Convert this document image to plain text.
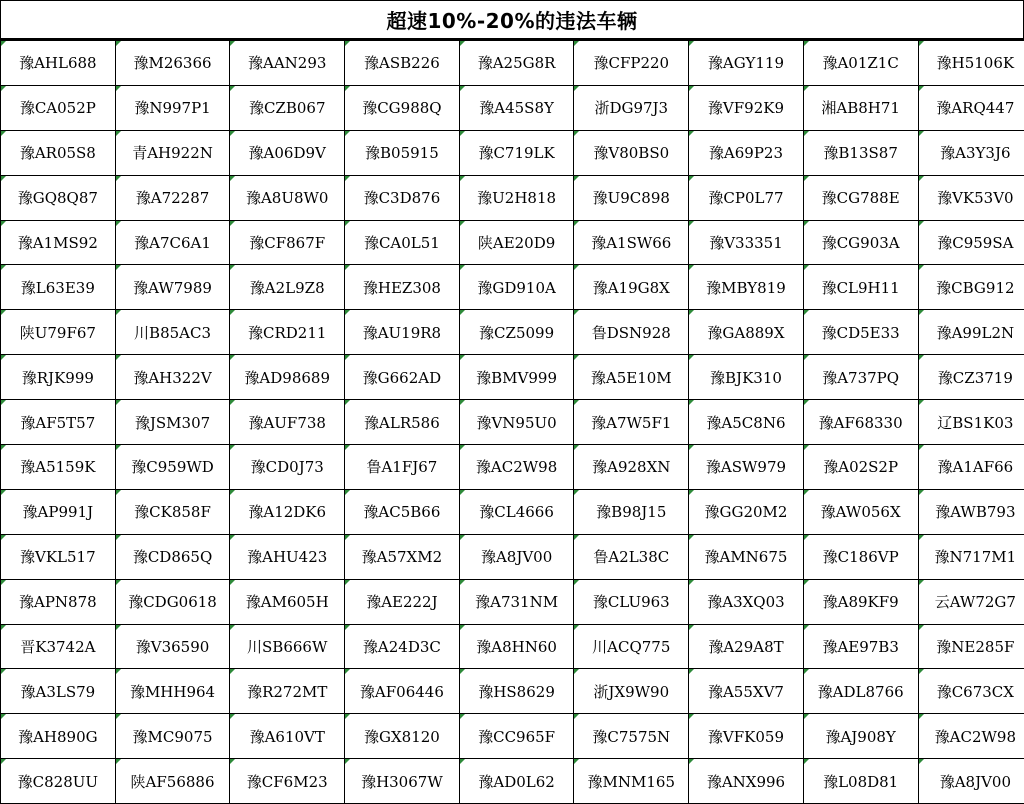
超速10%-20%的违法车辆
豫AHL688	豫M26366	豫AAN293	豫ASB226	豫A25G8R	豫CFP220	豫AGY119	豫A01Z1C	豫H5106K
豫CA052P	豫N997P1	豫CZB067	豫CG988Q	豫A45S8Y	浙DG97J3	豫VF92K9	湘AB8H71	豫ARQ447
豫AR05S8	青AH922N	豫A06D9V	豫B05915	豫C719LK	豫V80BS0	豫A69P23	豫B13S87	豫A3Y3J6
豫GQ8Q87	豫A72287	豫A8U8W0	豫C3D876	豫U2H818	豫U9C898	豫CP0L77	豫CG788E	豫VK53V0
豫A1MS92	豫A7C6A1	豫CF867F	豫CA0L51	陕AE20D9	豫A1SW66	豫V33351	豫CG903A	豫C959SA
豫L63E39	豫AW7989	豫A2L9Z8	豫HEZ308	豫GD910A	豫A19G8X	豫MBY819	豫CL9H11	豫CBG912
陕U79F67	川B85AC3	豫CRD211	豫AU19R8	豫CZ5099	鲁DSN928	豫GA889X	豫CD5E33	豫A99L2N
豫RJK999	豫AH322V	豫AD98689	豫G662AD	豫BMV999	豫A5E10M	豫BJK310	豫A737PQ	豫CZ3719
豫AF5T57	豫JSM307	豫AUF738	豫ALR586	豫VN95U0	豫A7W5F1	豫A5C8N6	豫AF68330	辽BS1K03
豫A5159K	豫C959WD	豫CD0J73	鲁A1FJ67	豫AC2W98	豫A928XN	豫ASW979	豫A02S2P	豫A1AF66
豫AP991J	豫CK858F	豫A12DK6	豫AC5B66	豫CL4666	豫B98J15	豫GG20M2	豫AW056X	豫AWB793
豫VKL517	豫CD865Q	豫AHU423	豫A57XM2	豫A8JV00	鲁A2L38C	豫AMN675	豫C186VP	豫N717M1
豫APN878	豫CDG0618	豫AM605H	豫AE222J	豫A731NM	豫CLU963	豫A3XQ03	豫A89KF9	云AW72G7
晋K3742A	豫V36590	川SB666W	豫A24D3C	豫A8HN60	川ACQ775	豫A29A8T	豫AE97B3	豫NE285F
豫A3LS79	豫MHH964	豫R272MT	豫AF06446	豫HS8629	浙JX9W90	豫A55XV7	豫ADL8766	豫C673CX
豫AH890G	豫MC9075	豫A610VT	豫GX8120	豫CC965F	豫C7575N	豫VFK059	豫AJ908Y	豫AC2W98
豫C828UU	陕AF56886	豫CF6M23	豫H3067W	豫AD0L62	豫MNM165	豫ANX996	豫L08D81	豫A8JV00
